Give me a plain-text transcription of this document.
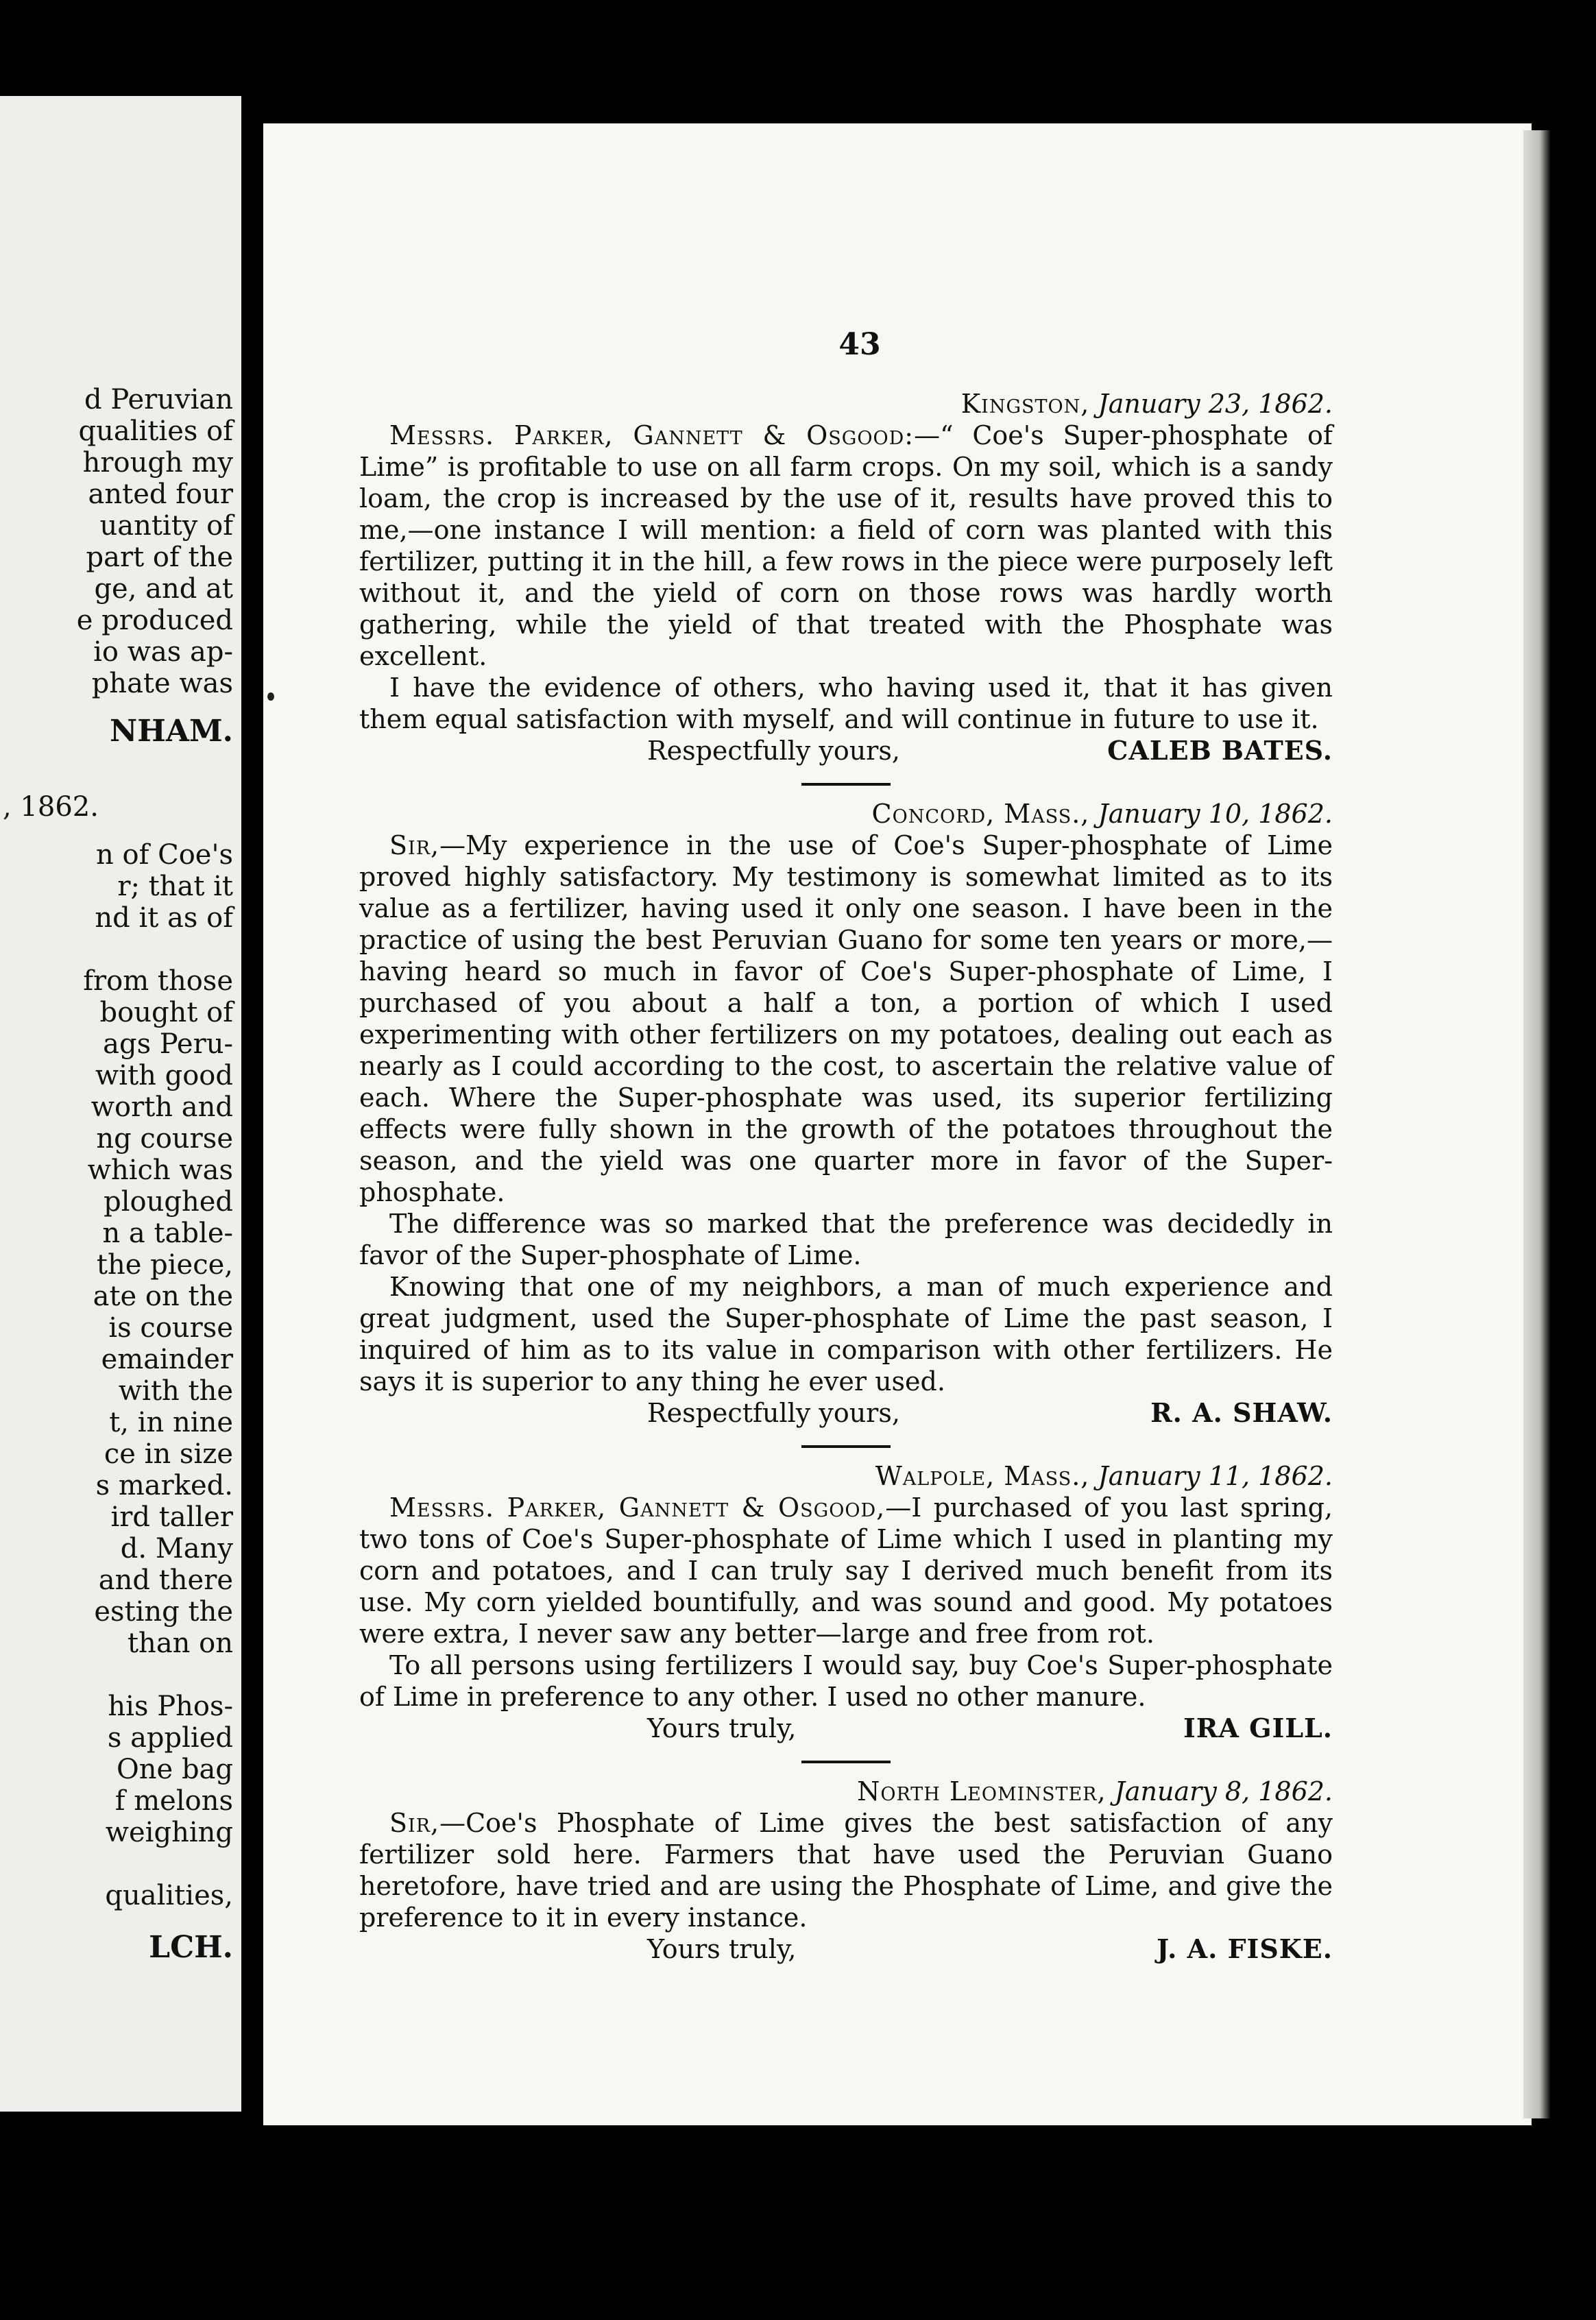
d Peruvian
qualities of
hrough my
anted four
uantity of
part of the
ge, and at
e produced
io was ap-
phate was
NHAM.
, 1862.
n of Coe's
r; that it
nd it as of

from those
bought of
ags Peru-
with good
worth and
ng course
which was
ploughed
n a table-
the piece,
ate on the
is course
emainder
with the
t, in nine
ce in size
s marked.
ird taller
d. Many
and there
esting the
than on

his Phos-
s applied
One bag
f melons
weighing

qualities,
LCH.
43

Kingston, January 23, 1862.

Messrs. Parker, Gannett & Osgood:—“ Coe's Super-phosphate of Lime” is profitable to use on all farm crops. On my soil, which is a sandy loam, the crop is increased by the use of it, results have proved this to me,—one instance I will mention: a field of corn was planted with this fertilizer, putting it in the hill, a few rows in the piece were purposely left without it, and the yield of corn on those rows was hardly worth gathering, while the yield of that treated with the Phosphate was excellent.

I have the evidence of others, who having used it, that it has given them equal satisfaction with myself, and will continue in future to use it.

Respectfully yours,	CALEB BATES.

Concord, Mass., January 10, 1862.

Sir,—My experience in the use of Coe's Super-phosphate of Lime proved highly satisfactory. My testimony is somewhat limited as to its value as a fertilizer, having used it only one season. I have been in the practice of using the best Peruvian Guano for some ten years or more,—having heard so much in favor of Coe's Super-phosphate of Lime, I purchased of you about a half a ton, a portion of which I used experimenting with other fertilizers on my potatoes, dealing out each as nearly as I could according to the cost, to ascertain the relative value of each. Where the Super-phosphate was used, its superior fertilizing effects were fully shown in the growth of the potatoes throughout the season, and the yield was one quarter more in favor of the Super-phosphate.

The difference was so marked that the preference was decidedly in favor of the Super-phosphate of Lime.

Knowing that one of my neighbors, a man of much experience and great judgment, used the Super-phosphate of Lime the past season, I inquired of him as to its value in comparison with other fertilizers. He says it is superior to any thing he ever used.

Respectfully yours,	R. A. SHAW.

Walpole, Mass., January 11, 1862.

Messrs. Parker, Gannett & Osgood,—I purchased of you last spring, two tons of Coe's Super-phosphate of Lime which I used in planting my corn and potatoes, and I can truly say I derived much benefit from its use. My corn yielded bountifully, and was sound and good. My potatoes were extra, I never saw any better—large and free from rot.

To all persons using fertilizers I would say, buy Coe's Super-phosphate of Lime in preference to any other. I used no other manure.

Yours truly,	IRA GILL.

North Leominster, January 8, 1862.

Sir,—Coe's Phosphate of Lime gives the best satisfaction of any fertilizer sold here. Farmers that have used the Peruvian Guano heretofore, have tried and are using the Phosphate of Lime, and give the preference to it in every instance.

Yours truly,	J. A. FISKE.
